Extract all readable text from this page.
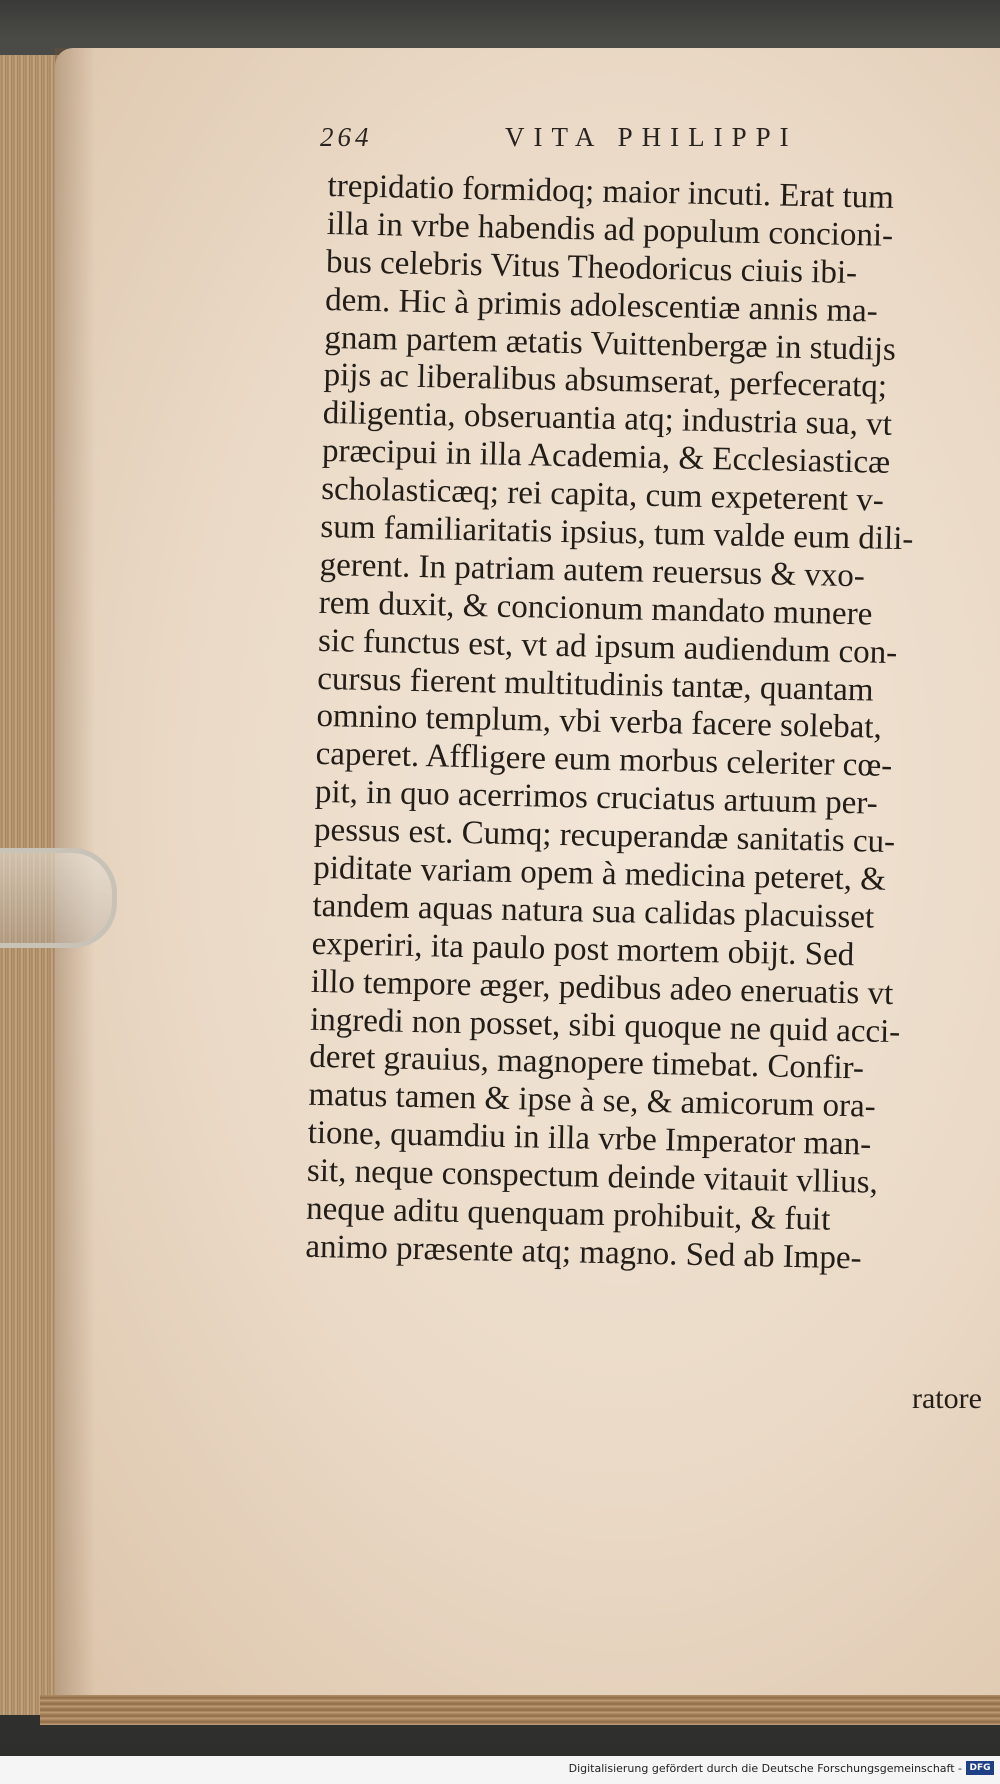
264	VITA PHILIPPI
trepidatio formidoq; maior incuti. Erat tum
illa in vrbe habendis ad populum concioni-
bus celebris Vitus Theodoricus ciuis ibi-
dem. Hic à primis adolescentiæ annis ma-
gnam partem ætatis Vuittenbergæ in studijs
pijs ac liberalibus absumserat, perfeceratq;
diligentia, obseruantia atq; industria sua, vt
præcipui in illa Academia, & Ecclesiasticæ
scholasticæq; rei capita, cum expeterent v-
sum familiaritatis ipsius, tum valde eum dili-
gerent. In patriam autem reuersus & vxo-
rem duxit, & concionum mandato munere
sic functus est, vt ad ipsum audiendum con-
cursus fierent multitudinis tantæ, quantam
omnino templum, vbi verba facere solebat,
caperet. Affligere eum morbus celeriter cœ-
pit, in quo acerrimos cruciatus artuum per-
pessus est. Cumq; recuperandæ sanitatis cu-
piditate variam opem à medicina peteret, &
tandem aquas natura sua calidas placuisset
experiri, ita paulo post mortem obijt. Sed
illo tempore æger, pedibus adeo eneruatis vt
ingredi non posset, sibi quoque ne quid acci-
deret grauius, magnopere timebat. Confir-
matus tamen & ipse à se, & amicorum ora-
tione, quamdiu in illa vrbe Imperator man-
sit, neque conspectum deinde vitauit vllius,
neque aditu quenquam prohibuit, & fuit
animo præsente atq; magno. Sed ab Impe-
ratore
Digitalisierung gefördert durch die Deutsche Forschungsgemeinschaft - DFG
